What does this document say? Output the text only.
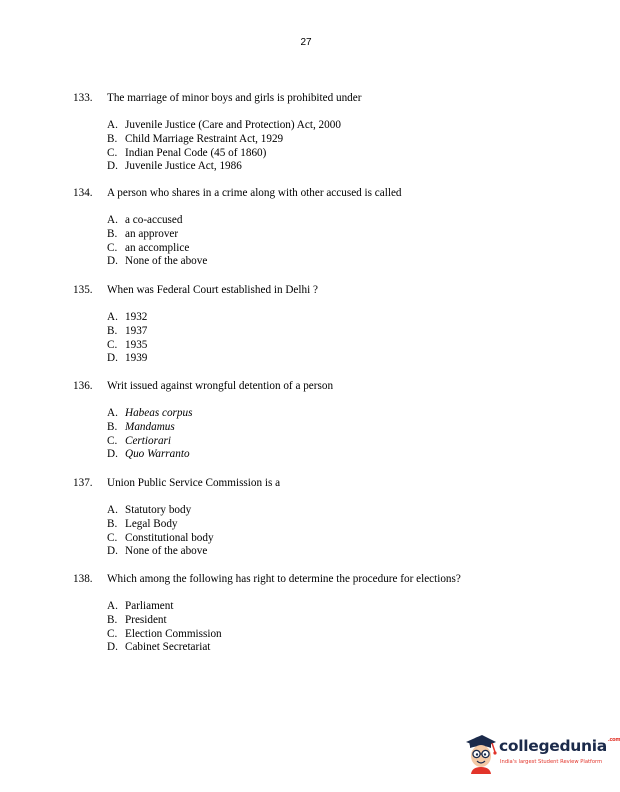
27
133.	The marriage of minor boys and girls is prohibited under
A. Juvenile Justice (Care and Protection) Act, 2000
B. Child Marriage Restraint Act, 1929
C. Indian Penal Code (45 of 1860)
D. Juvenile Justice Act, 1986
134.	A person who shares in a crime along with other accused is called
A. a co-accused
B. an approver
C. an accomplice
D. None of the above
135.	When was Federal Court established in Delhi ?
A. 1932
B. 1937
C. 1935
D. 1939
136.	Writ issued against wrongful detention of a person
A. Habeas corpus
B. Mandamus
C. Certiorari
D. Quo Warranto
137.	Union Public Service Commission is a
A. Statutory body
B. Legal Body
C. Constitutional body
D. None of the above
138.	Which among the following has right to determine the procedure for elections?
A. Parliament
B. President
C. Election Commission
D. Cabinet Secretariat
collegedunia$^{.com}$
India's largest Student Review Platform
